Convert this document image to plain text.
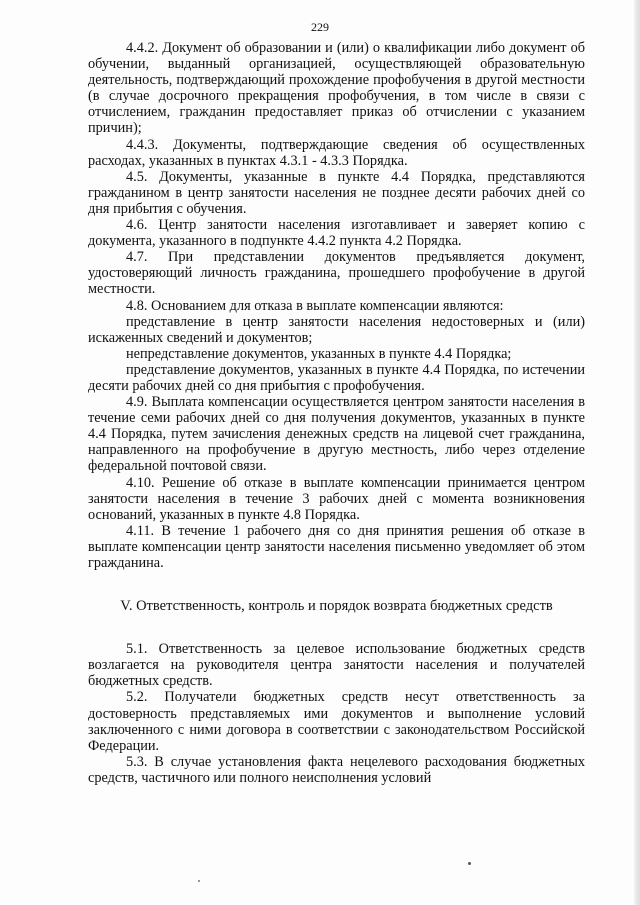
229

4.4.2. Документ об образовании и (или) о квалификации либо документ об обучении, выданный организацией, осуществляющей образовательную деятельность, подтверждающий прохождение профобучения в другой местности (в случае досрочного прекращения профобучения, в том числе в связи с отчислением, гражданин предоставляет приказ об отчислении с указанием причин);

4.4.3. Документы, подтверждающие сведения об осуществленных расходах, указанных в пунктах 4.3.1 - 4.3.3 Порядка.

4.5. Документы, указанные в пункте 4.4 Порядка, представляются гражданином в центр занятости населения не позднее десяти рабочих дней со дня прибытия с обучения.

4.6. Центр занятости населения изготавливает и заверяет копию с документа, указанного в подпункте 4.4.2 пункта 4.2 Порядка.

4.7. При представлении документов предъявляется документ, удостоверяющий личность гражданина, прошедшего профобучение в другой местности.

4.8. Основанием для отказа в выплате компенсации являются:

представление в центр занятости населения недостоверных и (или) искаженных сведений и документов;

непредставление документов, указанных в пункте 4.4 Порядка;

представление документов, указанных в пункте 4.4 Порядка, по истечении десяти рабочих дней со дня прибытия с профобучения.

4.9. Выплата компенсации осуществляется центром занятости населения в течение семи рабочих дней со дня получения документов, указанных в пункте 4.4 Порядка, путем зачисления денежных средств на лицевой счет гражданина, направленного на профобучение в другую местность, либо через отделение федеральной почтовой связи.

4.10. Решение об отказе в выплате компенсации принимается центром занятости населения в течение 3 рабочих дней с момента возникновения оснований, указанных в пункте 4.8 Порядка.

4.11. В течение 1 рабочего дня со дня принятия решения об отказе в выплате компенсации центр занятости населения письменно уведомляет об этом гражданина.

V. Ответственность, контроль и порядок возврата бюджетных средств

5.1. Ответственность за целевое использование бюджетных средств возлагается на руководителя центра занятости населения и получателей бюджетных средств.

5.2. Получатели бюджетных средств несут ответственность за достоверность представляемых ими документов и выполнение условий заключенного с ними договора в соответствии с законодательством Российской Федерации.

5.3. В случае установления факта нецелевого расходования бюджетных средств, частичного или полного неисполнения условий
